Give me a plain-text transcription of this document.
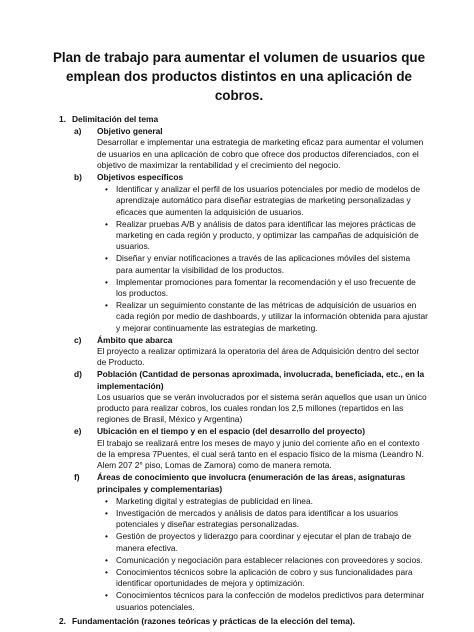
Plan de trabajo para aumentar el volumen de usuarios que emplean dos productos distintos en una aplicación de cobros.
1. Delimitación del tema
a) Objetivo general
Desarrollar e implementar una estrategia de marketing eficaz para aumentar el volumen de usuarios en una aplicación de cobro que ofrece dos productos diferenciados, con el objetivo de maximizar la rentabilidad y el crecimiento del negocio.
b) Objetivos específicos
• Identificar y analizar el perfil de los usuarios potenciales por medio de modelos de aprendizaje automático para diseñar estrategias de marketing personalizadas y eficaces que aumenten la adquisición de usuarios.
• Realizar pruebas A/B y análisis de datos para identificar las mejores prácticas de marketing en cada región y producto, y optimizar las campañas de adquisición de usuarios.
• Diseñar y enviar notificaciones a través de las aplicaciones móviles del sistema para aumentar la visibilidad de los productos.
• Implementar promociones para fomentar la recomendación y el uso frecuente de los productos.
• Realizar un seguimiento constante de las métricas de adquisición de usuarios en cada región por medio de dashboards, y utilizar la información obtenida para ajustar y mejorar continuamente las estrategias de marketing.
c) Ámbito que abarca
El proyecto a realizar optimizará la operatoria del área de Adquisición dentro del sector de Producto.
d) Población (Cantidad de personas aproximada, involucrada, beneficiada, etc., en la implementación)
Los usuarios que se verán involucrados por el sistema serán aquellos que usan un único producto para realizar cobros, los cuales rondan los 2,5 millones (repartidos en las regiones de Brasil, México y Argentina)
e) Ubicación en el tiempo y en el espacio (del desarrollo del proyecto)
El trabajo se realizará entre los meses de mayo y junio del corriente año en el contexto de la empresa 7Puentes, el cual será tanto en el espacio físico de la misma (Leandro N. Alem 207 2° piso, Lomas de Zamora) como de manera remota.
f) Áreas de conocimiento que involucra (enumeración de las áreas, asignaturas principales y complementarias)
• Marketing digital y estrategias de publicidad en línea.
• Investigación de mercados y análisis de datos para identificar a los usuarios potenciales y diseñar estrategias personalizadas.
• Gestión de proyectos y liderazgo para coordinar y ejecutar el plan de trabajo de manera efectiva.
• Comunicación y negociación para establecer relaciones con proveedores y socios.
• Conocimientos técnicos sobre la aplicación de cobro y sus funcionalidades para identificar oportunidades de mejora y optimización.
• Conocimientos técnicos para la confección de modelos predictivos para determinar usuarios potenciales.
2. Fundamentación (razones teóricas y prácticas de la elección del tema).
